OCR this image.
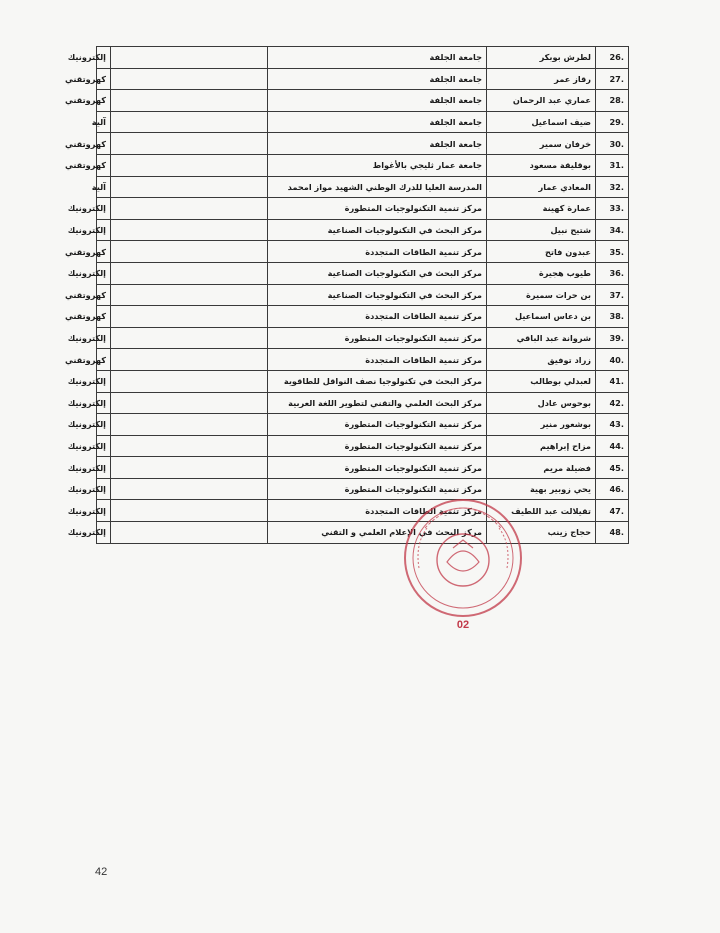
.26	لطرش بوبكر	جامعة الجلفة		إلكترونيك
.27	رقاز عمر	جامعة الجلفة		كهروتقني
.28	عماري عبد الرحمان	جامعة الجلفة		كهروتقني
.29	ضيف اسماعيل	جامعة الجلفة		آلية
.30	خرفان سمير	جامعة الجلفة		كهروتقني
.31	بوقليقة مسعود	جامعة عمار ثليجي بالأغواط		كهروتقني
.32	المعادي عمار	المدرسة العليا للدرك الوطني الشهيد مواز امحمد		آلية
.33	عمارة كهينة	مركز تنمية التكنولوجيات المتطورة		إلكترونيك
.34	شتيح نبيل	مركز البحث في التكنولوجيات الصناعية		إلكترونيك
.35	عبدون فاتح	مركز تنمية الطاقات المتجددة		كهروتقني
.36	طيوب هجيرة	مركز البحث في التكنولوجيات الصناعية		إلكترونيك
.37	بن حرات سميرة	مركز البحث في التكنولوجيات الصناعية		كهروتقني
.38	بن دعاس اسماعيل	مركز تنمية الطاقات المتجددة		كهروتقني
.39	شروانة عبد الباقي	مركز تنمية التكنولوجيات المتطورة		إلكترونيك
.40	زراد توفيق	مركز تنمية الطاقات المتجددة		كهروتقني
.41	لعبدلي بوطالب	مركز البحث في تكنولوجيا نصف النواقل للطاقوية		إلكترونيك
.42	بوحوس عادل	مركز البحث العلمي والتقني لتطوير اللغة العربية		إلكترونيك
.43	بوشعور منير	مركز تنمية التكنولوجيات المتطورة		إلكترونيك
.44	مزاح إبراهيم	مركز تنمية التكنولوجيات المتطورة		إلكترونيك
.45	فضيلة مريم	مركز تنمية التكنولوجيات المتطورة		إلكترونيك
.46	يحي زوبير بهية	مركز تنمية التكنولوجيات المتطورة		إلكترونيك
.47	تقيلالت عبد اللطيف	مركز تنمية الطاقات المتجددة		إلكترونيك
.48	حجاج زينب	مركز البحث في الإعلام العلمي و التقني		إلكترونيك
02
42
